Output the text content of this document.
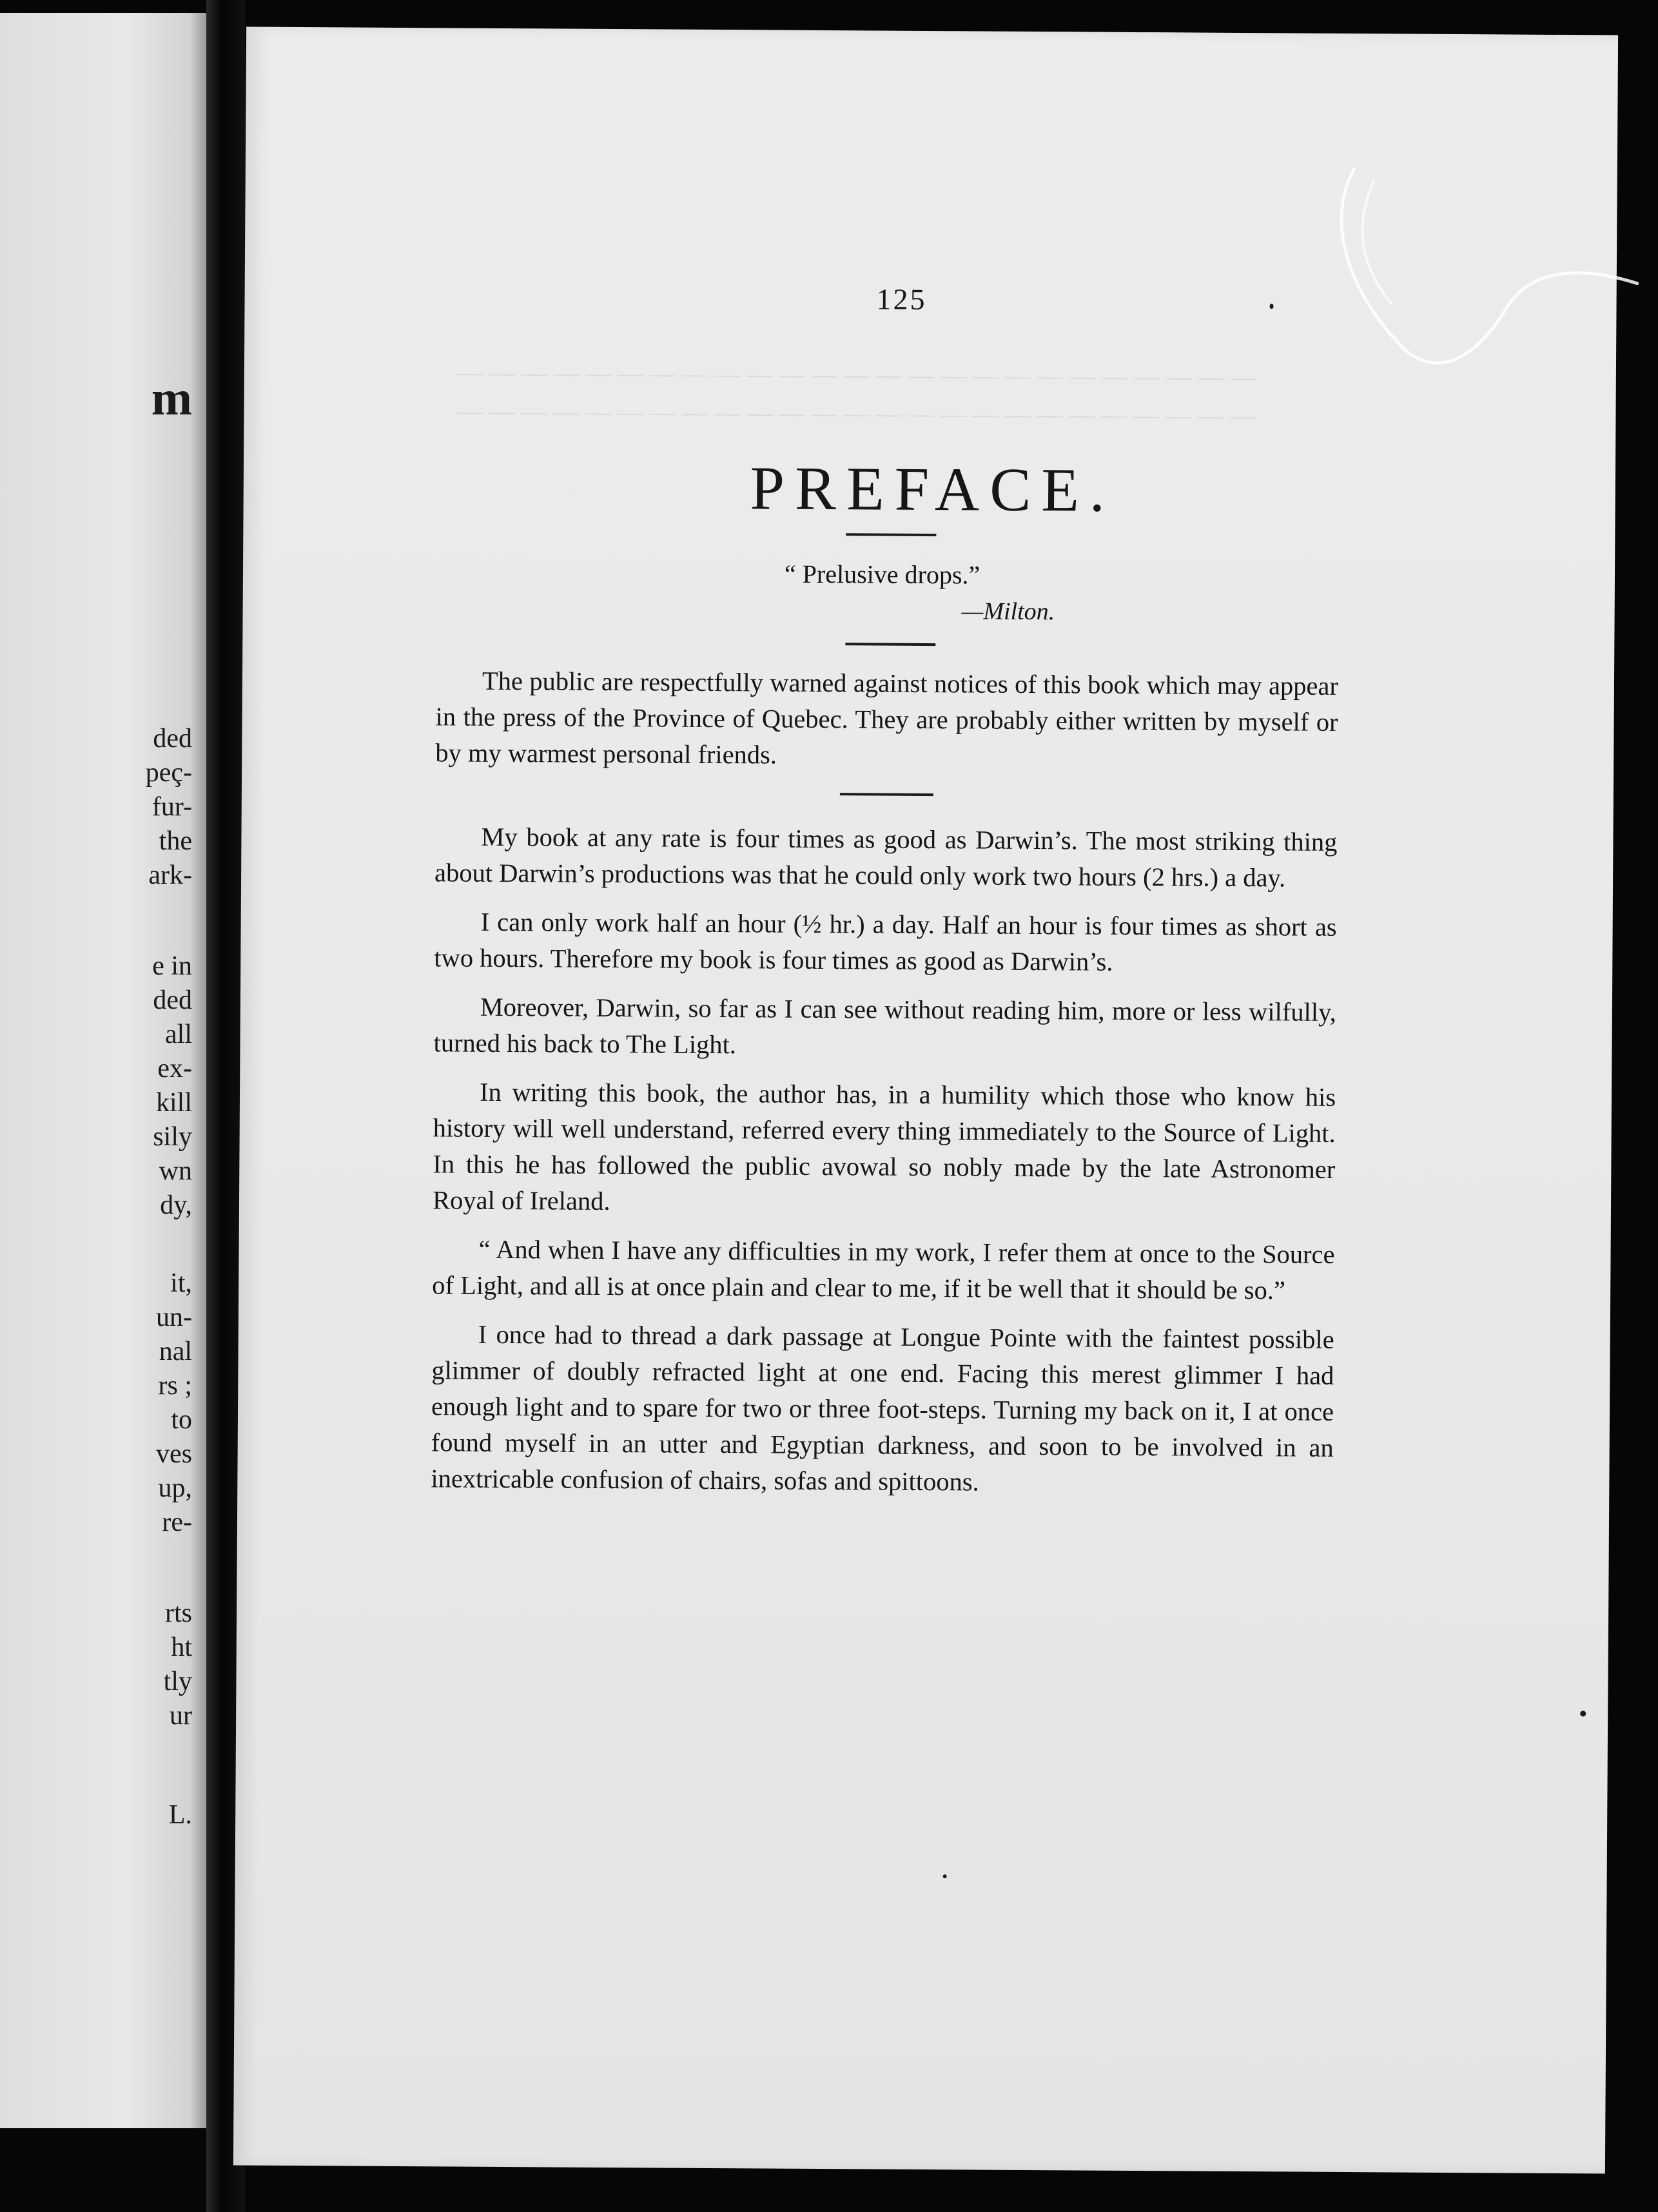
m
ded
peç-
fur-
the
ark-
e in
ded
all
ex-
kill
sily
wn
dy,
it,
un-
nal
rs ;
to
ves
up,
re-
rts
ht
tly
ur
L.
— — — — — — — — — — — — — — — — — — — — — — — — —
— — — — — — — — — — — — — — — — — — — — — — — — —
125
PREFACE.
“ Prelusive drops.”
—Milton.

The public are respectfully warned against notices of this book which may appear in the press of the Province of Quebec. They are probably either written by myself or by my warmest personal friends.

My book at any rate is four times as good as Darwin’s. The most striking thing about Darwin’s productions was that he could only work two hours (2 hrs.) a day.

I can only work half an hour (½ hr.) a day. Half an hour is four times as short as two hours. Therefore my book is four times as good as Darwin’s.

Moreover, Darwin, so far as I can see without reading him, more or less wilfully, turned his back to The Light.

In writing this book, the author has, in a humility which those who know his history will well understand, referred every thing immediately to the Source of Light. In this he has followed the public avowal so nobly made by the late Astronomer Royal of Ireland.

“ And when I have any difficulties in my work, I refer them at once to the Source of Light, and all is at once plain and clear to me, if it be well that it should be so.”

I once had to thread a dark passage at Longue Pointe with the faintest possible glimmer of doubly refracted light at one end. Facing this merest glimmer I had enough light and to spare for two or three foot-steps. Turning my back on it, I at once found myself in an utter and Egyptian darkness, and soon to be involved in an inextricable confusion of chairs, sofas and spittoons.
